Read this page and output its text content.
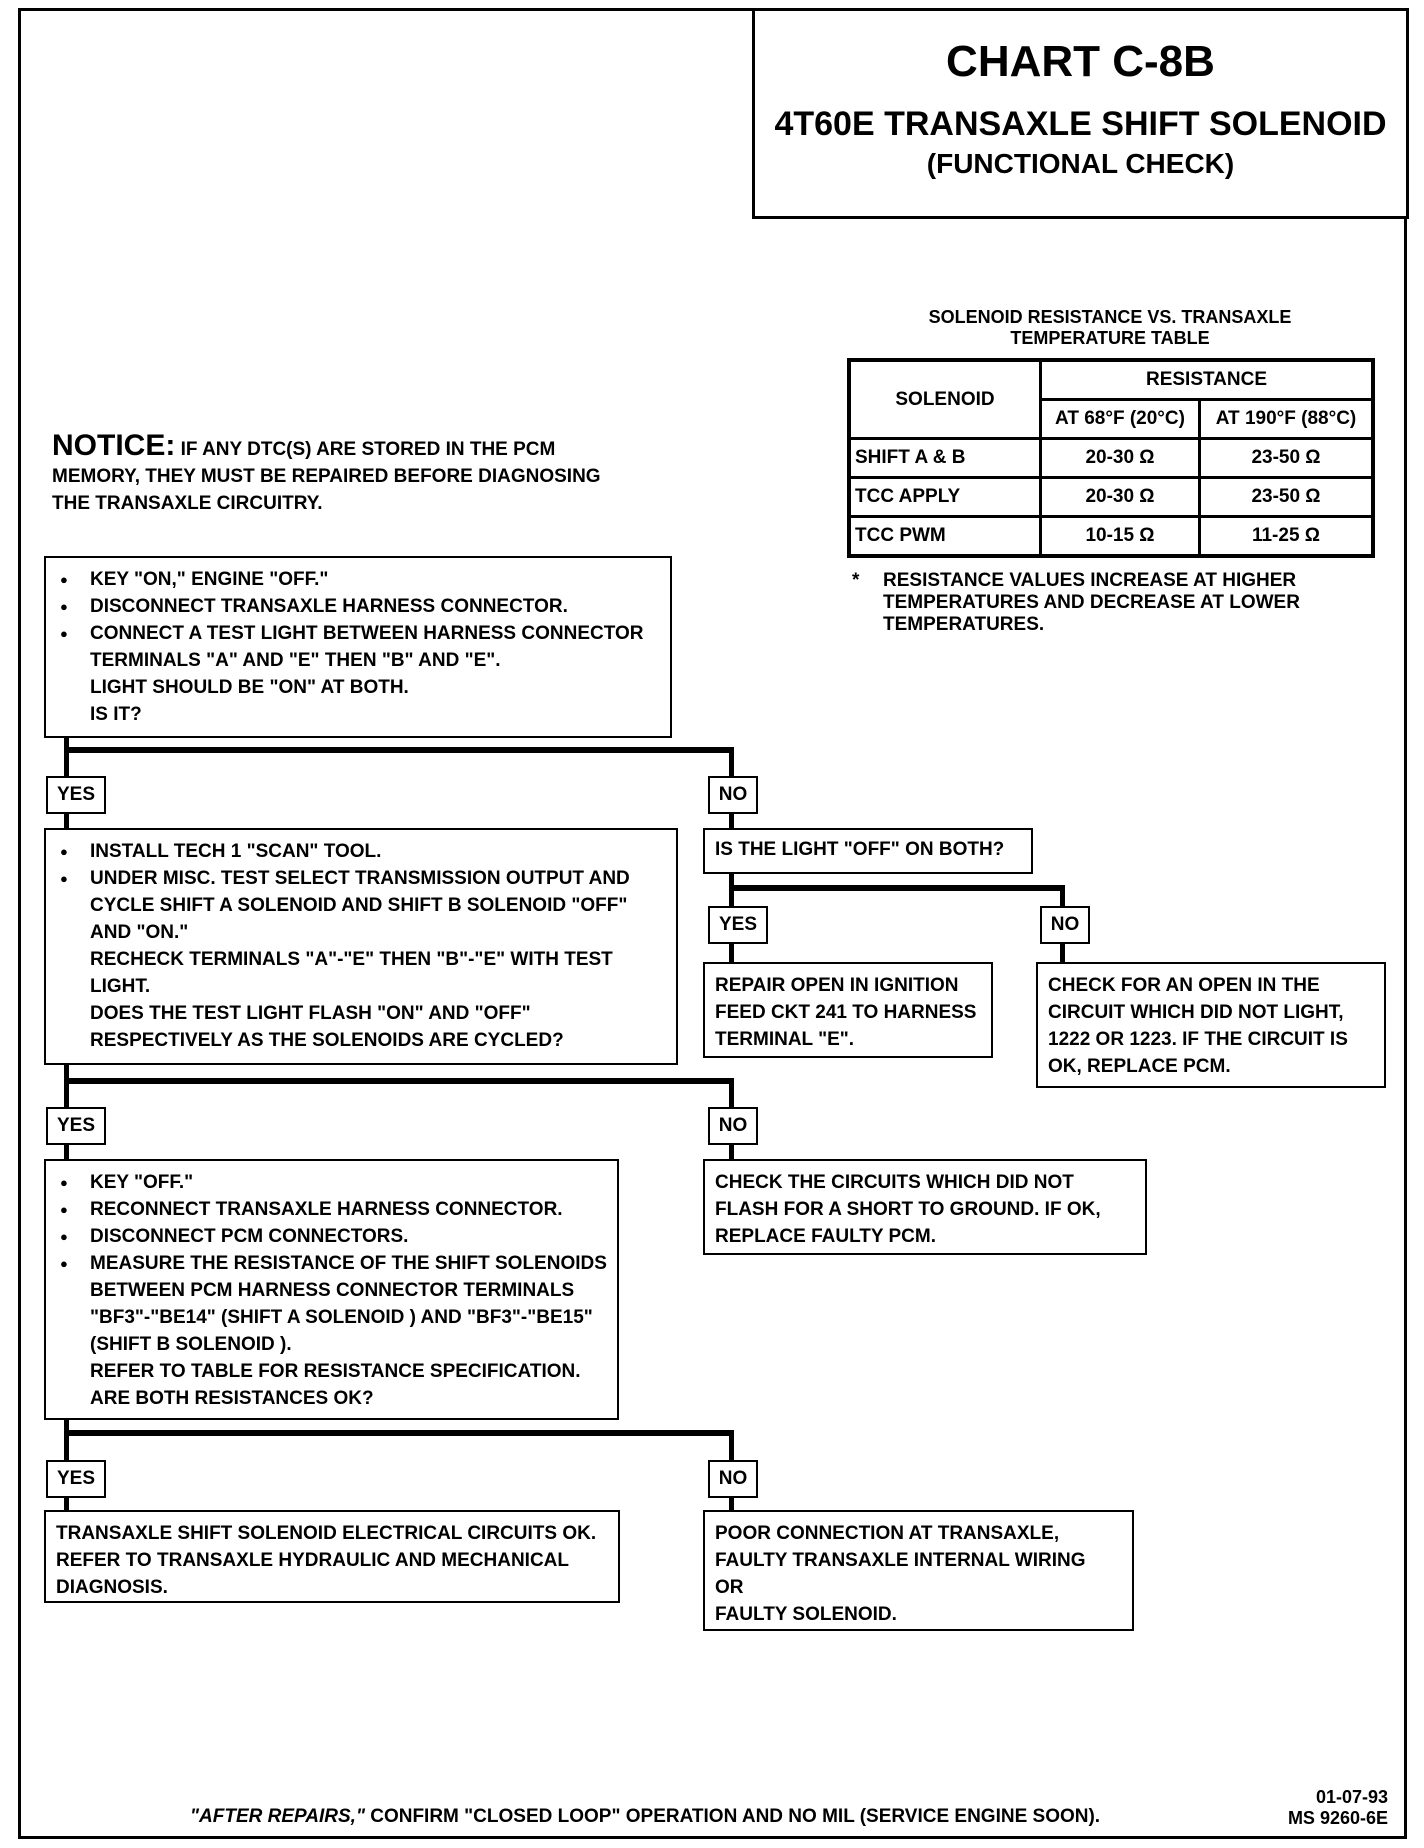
CHART C-8B
4T60E TRANSAXLE SHIFT SOLENOID
(FUNCTIONAL CHECK)
SOLENOID RESISTANCE VS. TRANSAXLE
TEMPERATURE TABLE
SOLENOID	RESISTANCE	
	AT 68°F (20°C)	AT 190°F (88°C)
SHIFT A & B	20-30 Ω	23-50 Ω
TCC APPLY	20-30 Ω	23-50 Ω
TCC PWM	10-15 Ω	11-25 Ω
*	RESISTANCE VALUES INCREASE AT HIGHER TEMPERATURES AND DECREASE AT LOWER TEMPERATURES.
NOTICE: IF ANY DTC(S) ARE STORED IN THE PCM MEMORY, THEY MUST BE REPAIRED BEFORE DIAGNOSING THE TRANSAXLE CIRCUITRY.
● KEY "ON," ENGINE "OFF."
● DISCONNECT TRANSAXLE HARNESS CONNECTOR.
● CONNECT A TEST LIGHT BETWEEN HARNESS CONNECTOR TERMINALS "A" AND "E" THEN "B" AND "E".
LIGHT SHOULD BE "ON" AT BOTH.
IS IT?
YES	NO
● INSTALL TECH 1 "SCAN" TOOL.
● UNDER MISC. TEST SELECT TRANSMISSION OUTPUT AND CYCLE SHIFT A SOLENOID AND SHIFT B SOLENOID "OFF" AND "ON."
RECHECK TERMINALS "A"-"E" THEN "B"-"E" WITH TEST LIGHT.
DOES THE TEST LIGHT FLASH "ON" AND "OFF" RESPECTIVELY AS THE SOLENOIDS ARE CYCLED?
IS THE LIGHT "OFF" ON BOTH?
YES	NO
REPAIR OPEN IN IGNITION FEED CKT 241 TO HARNESS TERMINAL "E".
CHECK FOR AN OPEN IN THE CIRCUIT WHICH DID NOT LIGHT, 1222 OR 1223. IF THE CIRCUIT IS OK, REPLACE PCM.
YES	NO
● KEY "OFF."
● RECONNECT TRANSAXLE HARNESS CONNECTOR.
● DISCONNECT PCM CONNECTORS.
● MEASURE THE RESISTANCE OF THE SHIFT SOLENOIDS BETWEEN PCM HARNESS CONNECTOR TERMINALS "BF3"-"BE14" (SHIFT A SOLENOID ) AND "BF3"-"BE15" (SHIFT B SOLENOID ).
REFER TO TABLE FOR RESISTANCE SPECIFICATION.
ARE BOTH RESISTANCES OK?
CHECK THE CIRCUITS WHICH DID NOT FLASH FOR A SHORT TO GROUND. IF OK, REPLACE FAULTY PCM.
YES	NO
TRANSAXLE SHIFT SOLENOID ELECTRICAL CIRCUITS OK. REFER TO TRANSAXLE HYDRAULIC AND MECHANICAL DIAGNOSIS.
POOR CONNECTION AT TRANSAXLE,
FAULTY TRANSAXLE INTERNAL WIRING
OR
FAULTY SOLENOID.
"AFTER REPAIRS," CONFIRM "CLOSED LOOP" OPERATION AND NO MIL (SERVICE ENGINE SOON).
01-07-93
MS 9260-6E
